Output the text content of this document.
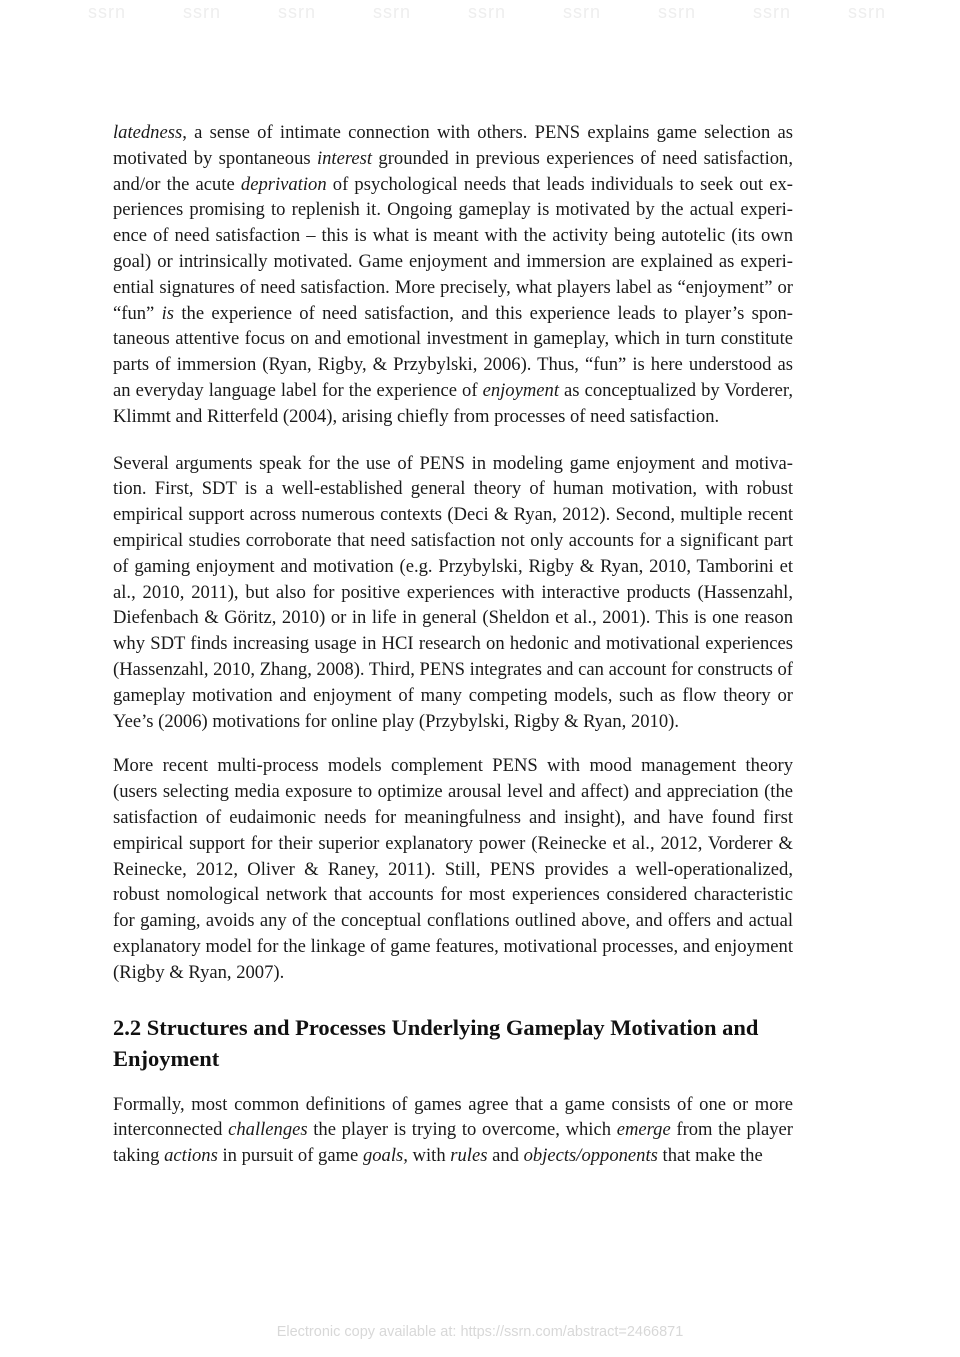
ssrn	ssrn	ssrn	ssrn	ssrn	ssrn	ssrn	ssrn	ssrn

latedness, a sense of intimate connection with others. PENS explains game selection as motivated by spontaneous interest grounded in previous experiences of need satisfaction, and/or the acute deprivation of psychological needs that leads individuals to seek out experiences promising to replenish it. Ongoing gameplay is motivated by the actual experience of need satisfaction – this is what is meant with the activity being autotelic (its own goal) or intrinsically motivated. Game enjoyment and immersion are explained as experiential signatures of need satisfaction. More precisely, what players label as “enjoyment” or “fun” is the experience of need satisfaction, and this experience leads to player’s spontaneous attentive focus on and emotional investment in gameplay, which in turn constitute parts of immersion (Ryan, Rigby, & Przybylski, 2006). Thus, “fun” is here understood as an everyday language label for the experience of enjoyment as conceptualized by Vorderer, Klimmt and Ritterfeld (2004), arising chiefly from processes of need satisfaction.

Several arguments speak for the use of PENS in modeling game enjoyment and motivation. First, SDT is a well-established general theory of human motivation, with robust empirical support across numerous contexts (Deci & Ryan, 2012). Second, multiple recent empirical studies corroborate that need satisfaction not only accounts for a significant part of gaming enjoyment and motivation (e.g. Przybylski, Rigby & Ryan, 2010, Tamborini et al., 2010, 2011), but also for positive experiences with interactive products (Hassenzahl, Diefenbach & Göritz, 2010) or in life in general (Sheldon et al., 2001). This is one reason why SDT finds increasing usage in HCI research on hedonic and motivational experiences (Hassenzahl, 2010, Zhang, 2008). Third, PENS integrates and can account for constructs of gameplay motivation and enjoyment of many competing models, such as flow theory or Yee’s (2006) motivations for online play (Przybylski, Rigby & Ryan, 2010).

More recent multi-process models complement PENS with mood management theory (users selecting media exposure to optimize arousal level and affect) and appreciation (the satisfaction of eudaimonic needs for meaningfulness and insight), and have found first empirical support for their superior explanatory power (Reinecke et al., 2012, Vorderer & Reinecke, 2012, Oliver & Raney, 2011). Still, PENS provides a well-operationalized, robust nomological network that accounts for most experiences considered characteristic for gaming, avoids any of the conceptual conflations outlined above, and offers and actual explanatory model for the linkage of game features, motivational processes, and enjoyment (Rigby & Ryan, 2007).

2.2 Structures and Processes Underlying Gameplay Motivation and Enjoyment

Formally, most common definitions of games agree that a game consists of one or more interconnected challenges the player is trying to overcome, which emerge from the player taking actions in pursuit of game goals, with rules and objects/opponents that make the

Electronic copy available at: https://ssrn.com/abstract=2466871
